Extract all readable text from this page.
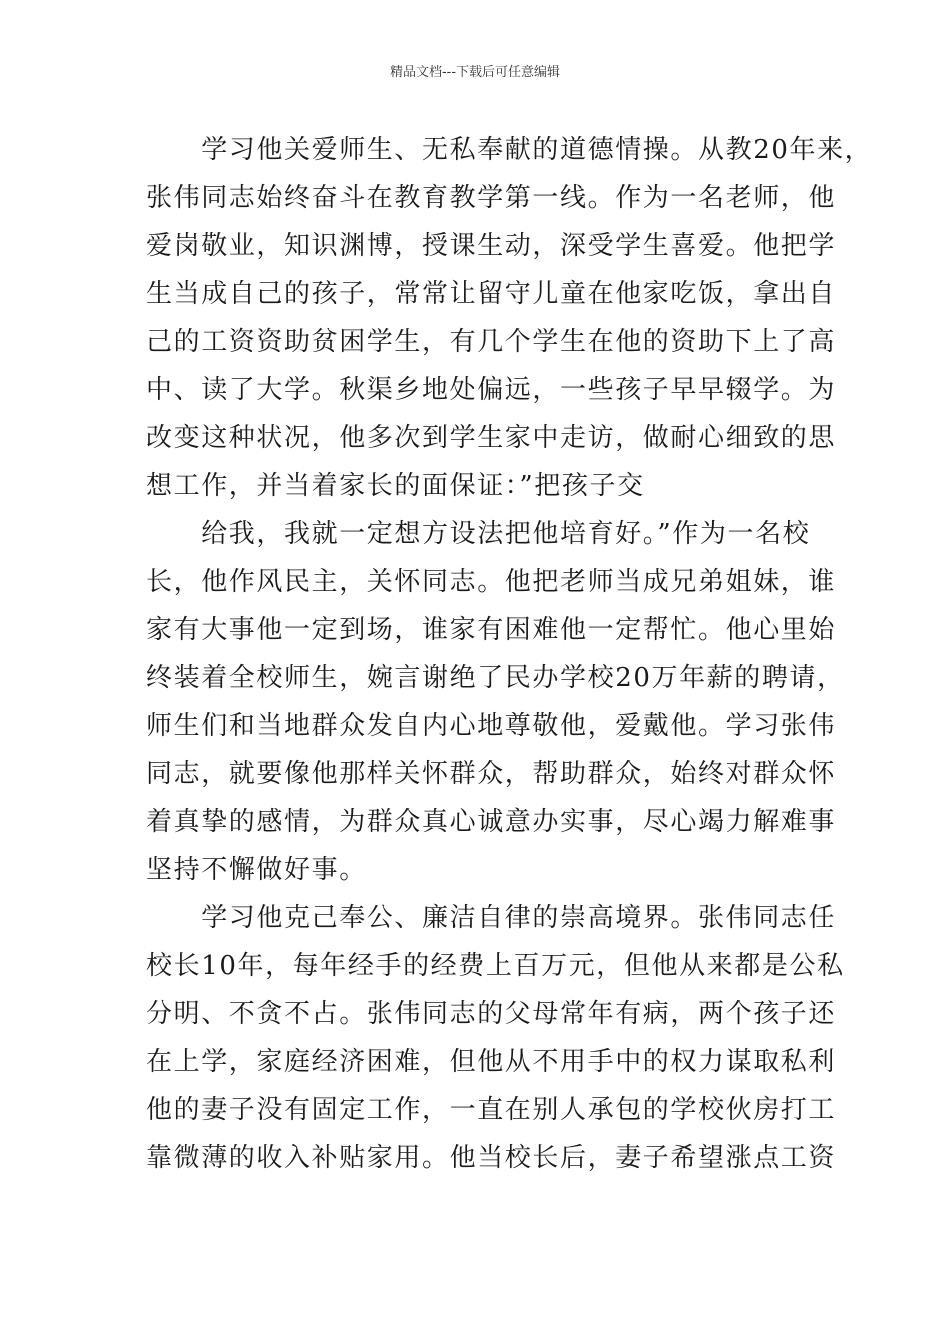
精品文档---下载后可任意编辑
　　学习他关爱师生、无私奉献的道德情操。从教20年来，
张伟同志始终奋斗在教育教学第一线。作为一名老师，他
爱岗敬业，知识渊博，授课生动，深受学生喜爱。他把学
生当成自己的孩子，常常让留守儿童在他家吃饭，拿出自
己的工资资助贫困学生，有几个学生在他的资助下上了高
中、读了大学。秋渠乡地处偏远，一些孩子早早辍学。为
改变这种状况，他多次到学生家中走访，做耐心细致的思
想工作，并当着家长的面保证：”把孩子交
　　给我，我就一定想方设法把他培育好。”作为一名校
长，他作风民主，关怀同志。他把老师当成兄弟姐妹，谁
家有大事他一定到场，谁家有困难他一定帮忙。他心里始
终装着全校师生，婉言谢绝了民办学校20万年薪的聘请，
师生们和当地群众发自内心地尊敬他，爱戴他。学习张伟
同志，就要像他那样关怀群众，帮助群众，始终对群众怀
着真挚的感情，为群众真心诚意办实事，尽心竭力解难事
坚持不懈做好事。
　　学习他克己奉公、廉洁自律的崇高境界。张伟同志任
校长10年，每年经手的经费上百万元，但他从来都是公私
分明、不贪不占。张伟同志的父母常年有病，两个孩子还
在上学，家庭经济困难，但他从不用手中的权力谋取私利
他的妻子没有固定工作，一直在别人承包的学校伙房打工
靠微薄的收入补贴家用。他当校长后，妻子希望涨点工资
